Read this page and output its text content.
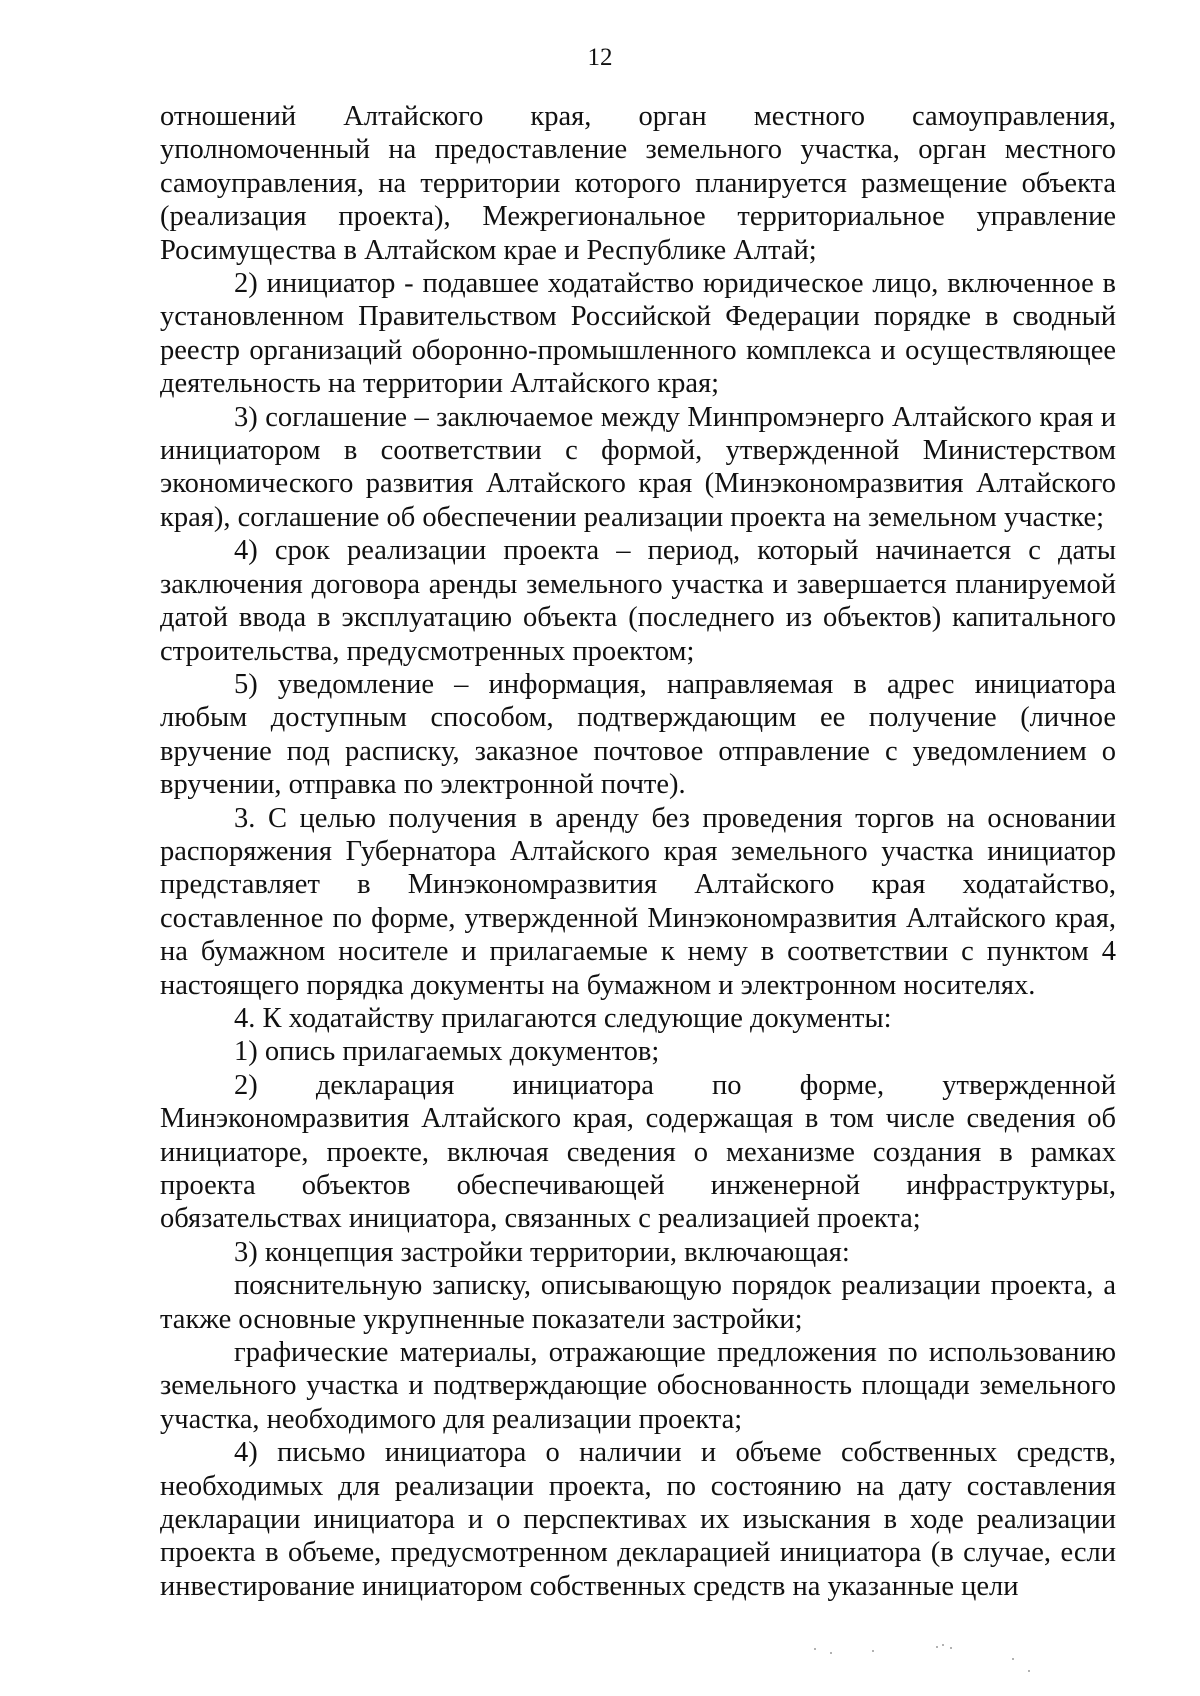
12

отношений Алтайского края, орган местного самоуправления, уполномоченный на предоставление земельного участка, орган местного самоуправления, на территории которого планируется размещение объекта (реализация проекта), Межрегиональное территориальное управление Росимущества в Алтайском крае и Республике Алтай;

2) инициатор - подавшее ходатайство юридическое лицо, включенное в установленном Правительством Российской Федерации порядке в сводный реестр организаций оборонно-промышленного комплекса и осуществляющее деятельность на территории Алтайского края;

3) соглашение – заключаемое между Минпромэнерго Алтайского края и инициатором в соответствии с формой, утвержденной Министерством экономического развития Алтайского края (Минэкономразвития Алтайского края), соглашение об обеспечении реализации проекта на земельном участке;

4) срок реализации проекта – период, который начинается с даты заключения договора аренды земельного участка и завершается планируемой датой ввода в эксплуатацию объекта (последнего из объектов) капитального строительства, предусмотренных проектом;

5) уведомление – информация, направляемая в адрес инициатора любым доступным способом, подтверждающим ее получение (личное вручение под расписку, заказное почтовое отправление с уведомлением о вручении, отправка по электронной почте).

3. С целью получения в аренду без проведения торгов на основании распоряжения Губернатора Алтайского края земельного участка инициатор представляет в Минэкономразвития Алтайского края ходатайство, составленное по форме, утвержденной Минэкономразвития Алтайского края, на бумажном носителе и прилагаемые к нему в соответствии с пунктом 4 настоящего порядка документы на бумажном и электронном носителях.

4. К ходатайству прилагаются следующие документы:

1) опись прилагаемых документов;

2) декларация инициатора по форме, утвержденной Минэкономразвития Алтайского края, содержащая в том числе сведения об инициаторе, проекте, включая сведения о механизме создания в рамках проекта объектов обеспечивающей инженерной инфраструктуры, обязательствах инициатора, связанных с реализацией проекта;

3) концепция застройки территории, включающая:

пояснительную записку, описывающую порядок реализации проекта, а также основные укрупненные показатели застройки;

графические материалы, отражающие предложения по использованию земельного участка и подтверждающие обоснованность площади земельного участка, необходимого для реализации проекта;

4) письмо инициатора о наличии и объеме собственных средств, необходимых для реализации проекта, по состоянию на дату составления декларации инициатора и о перспективах их изыскания в ходе реализации проекта в объеме, предусмотренном декларацией инициатора (в случае, если инвестирование инициатором собственных средств на указанные цели
